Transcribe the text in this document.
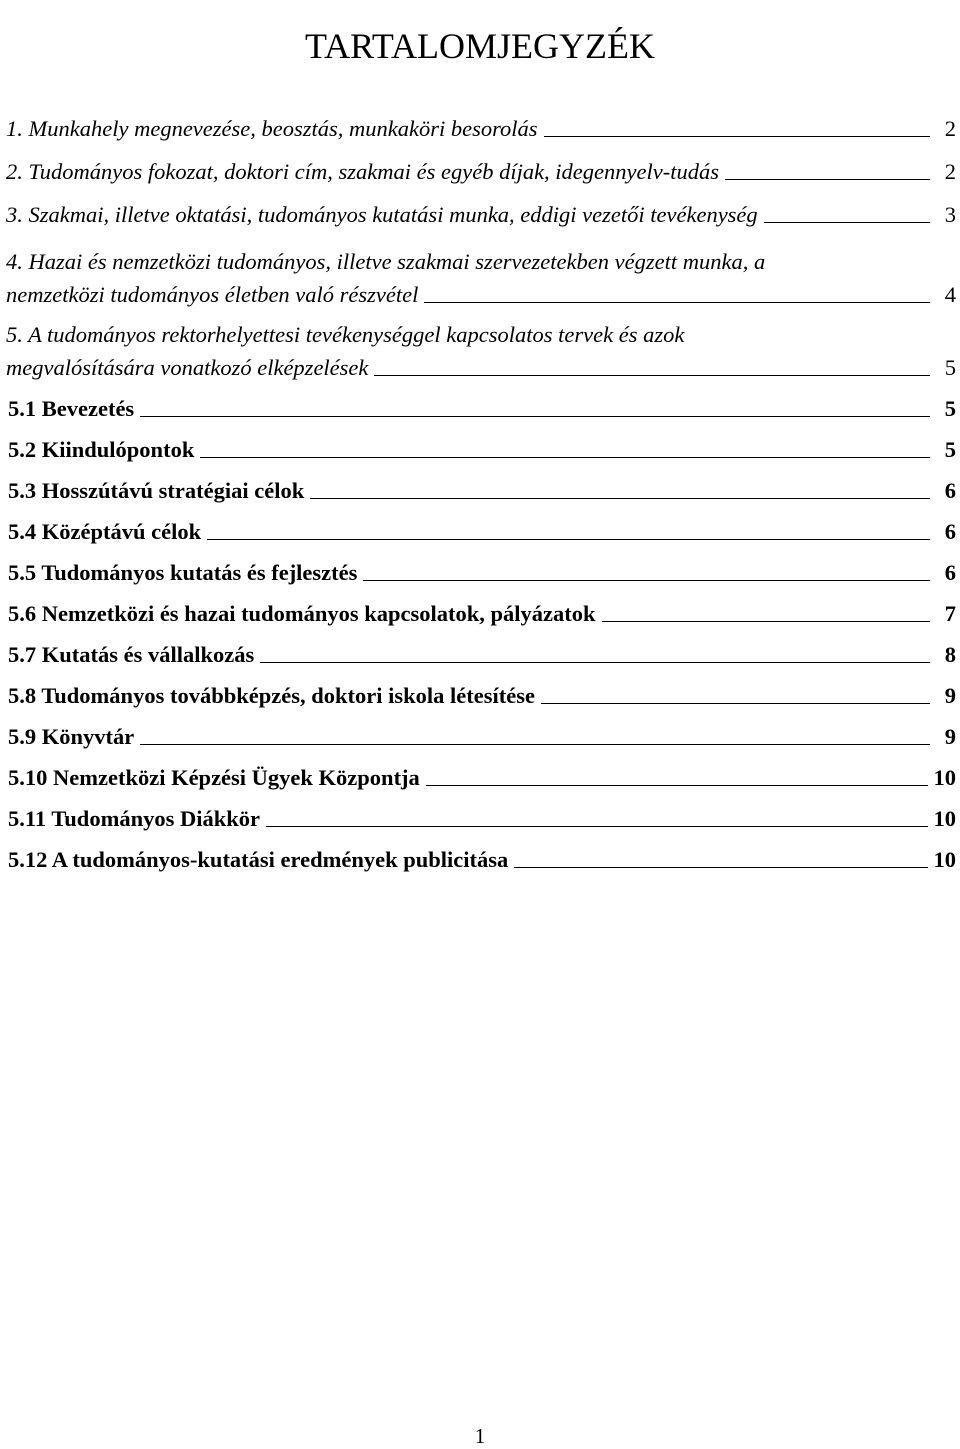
TARTALOMJEGYZÉK
1. Munkahely megnevezése, beosztás, munkaköri besorolás	2
2. Tudományos fokozat, doktori cím, szakmai és egyéb díjak, idegennyelv-tudás	2
3. Szakmai, illetve oktatási, tudományos kutatási munka, eddigi vezetői tevékenység	3
4. Hazai és nemzetközi tudományos, illetve szakmai szervezetekben végzett munka, a
nemzetközi tudományos életben való részvétel	4
5. A tudományos rektorhelyettesi tevékenységgel kapcsolatos tervek és azok
megvalósítására vonatkozó elképzelések	5
5.1 Bevezetés	5
5.2 Kiindulópontok	5
5.3 Hosszútávú stratégiai célok	6
5.4 Középtávú célok	6
5.5 Tudományos kutatás és fejlesztés	6
5.6 Nemzetközi és hazai tudományos kapcsolatok, pályázatok	7
5.7 Kutatás és vállalkozás	8
5.8 Tudományos továbbképzés, doktori iskola létesítése	9
5.9 Könyvtár	9
5.10 Nemzetközi Képzési Ügyek Központja	10
5.11 Tudományos Diákkör	10
5.12 A tudományos-kutatási eredmények publicitása	10
1
